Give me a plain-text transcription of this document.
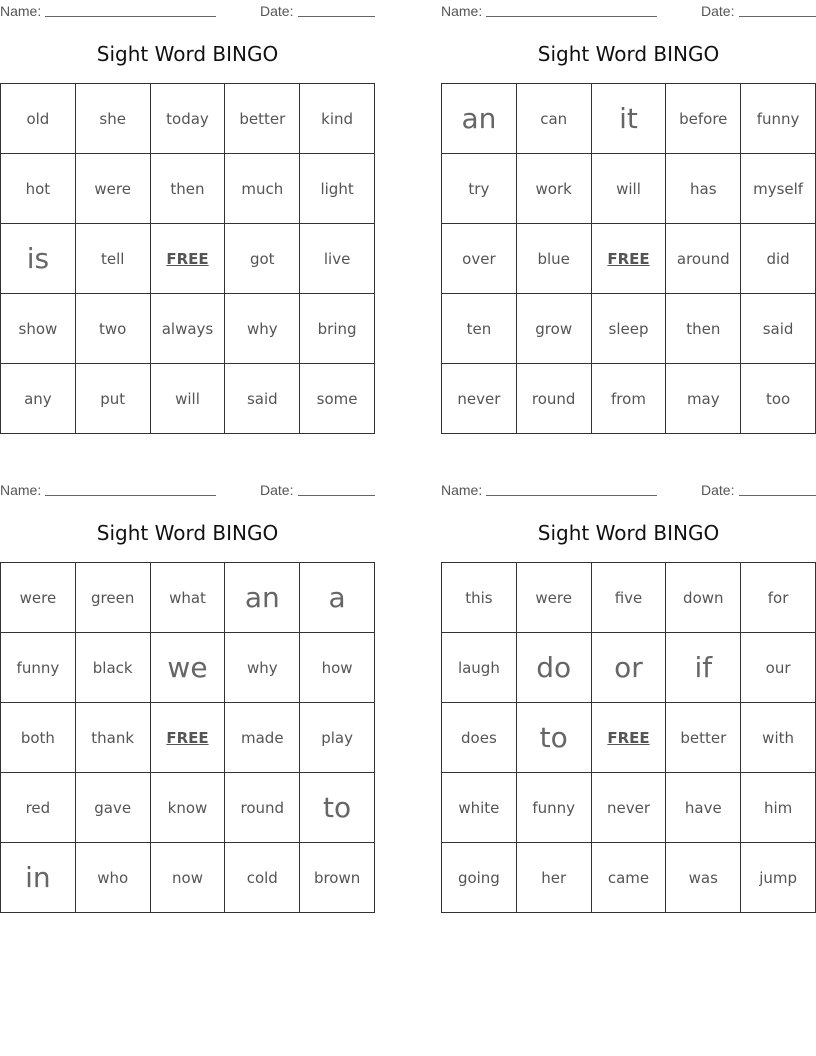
Name:	Date:
Sight Word BINGO
old	she	today	better	kind
hot	were	then	much	light
is	tell	FREE	got	live
show	two	always	why	bring
any	put	will	said	some
Name:	Date:
Sight Word BINGO
an	can	it	before	funny
try	work	will	has	myself
over	blue	FREE	around	did
ten	grow	sleep	then	said
never	round	from	may	too
Name:	Date:
Sight Word BINGO
were	green	what	an	a
funny	black	we	why	how
both	thank	FREE	made	play
red	gave	know	round	to
in	who	now	cold	brown
Name:	Date:
Sight Word BINGO
this	were	five	down	for
laugh	do	or	if	our
does	to	FREE	better	with
white	funny	never	have	him
going	her	came	was	jump
